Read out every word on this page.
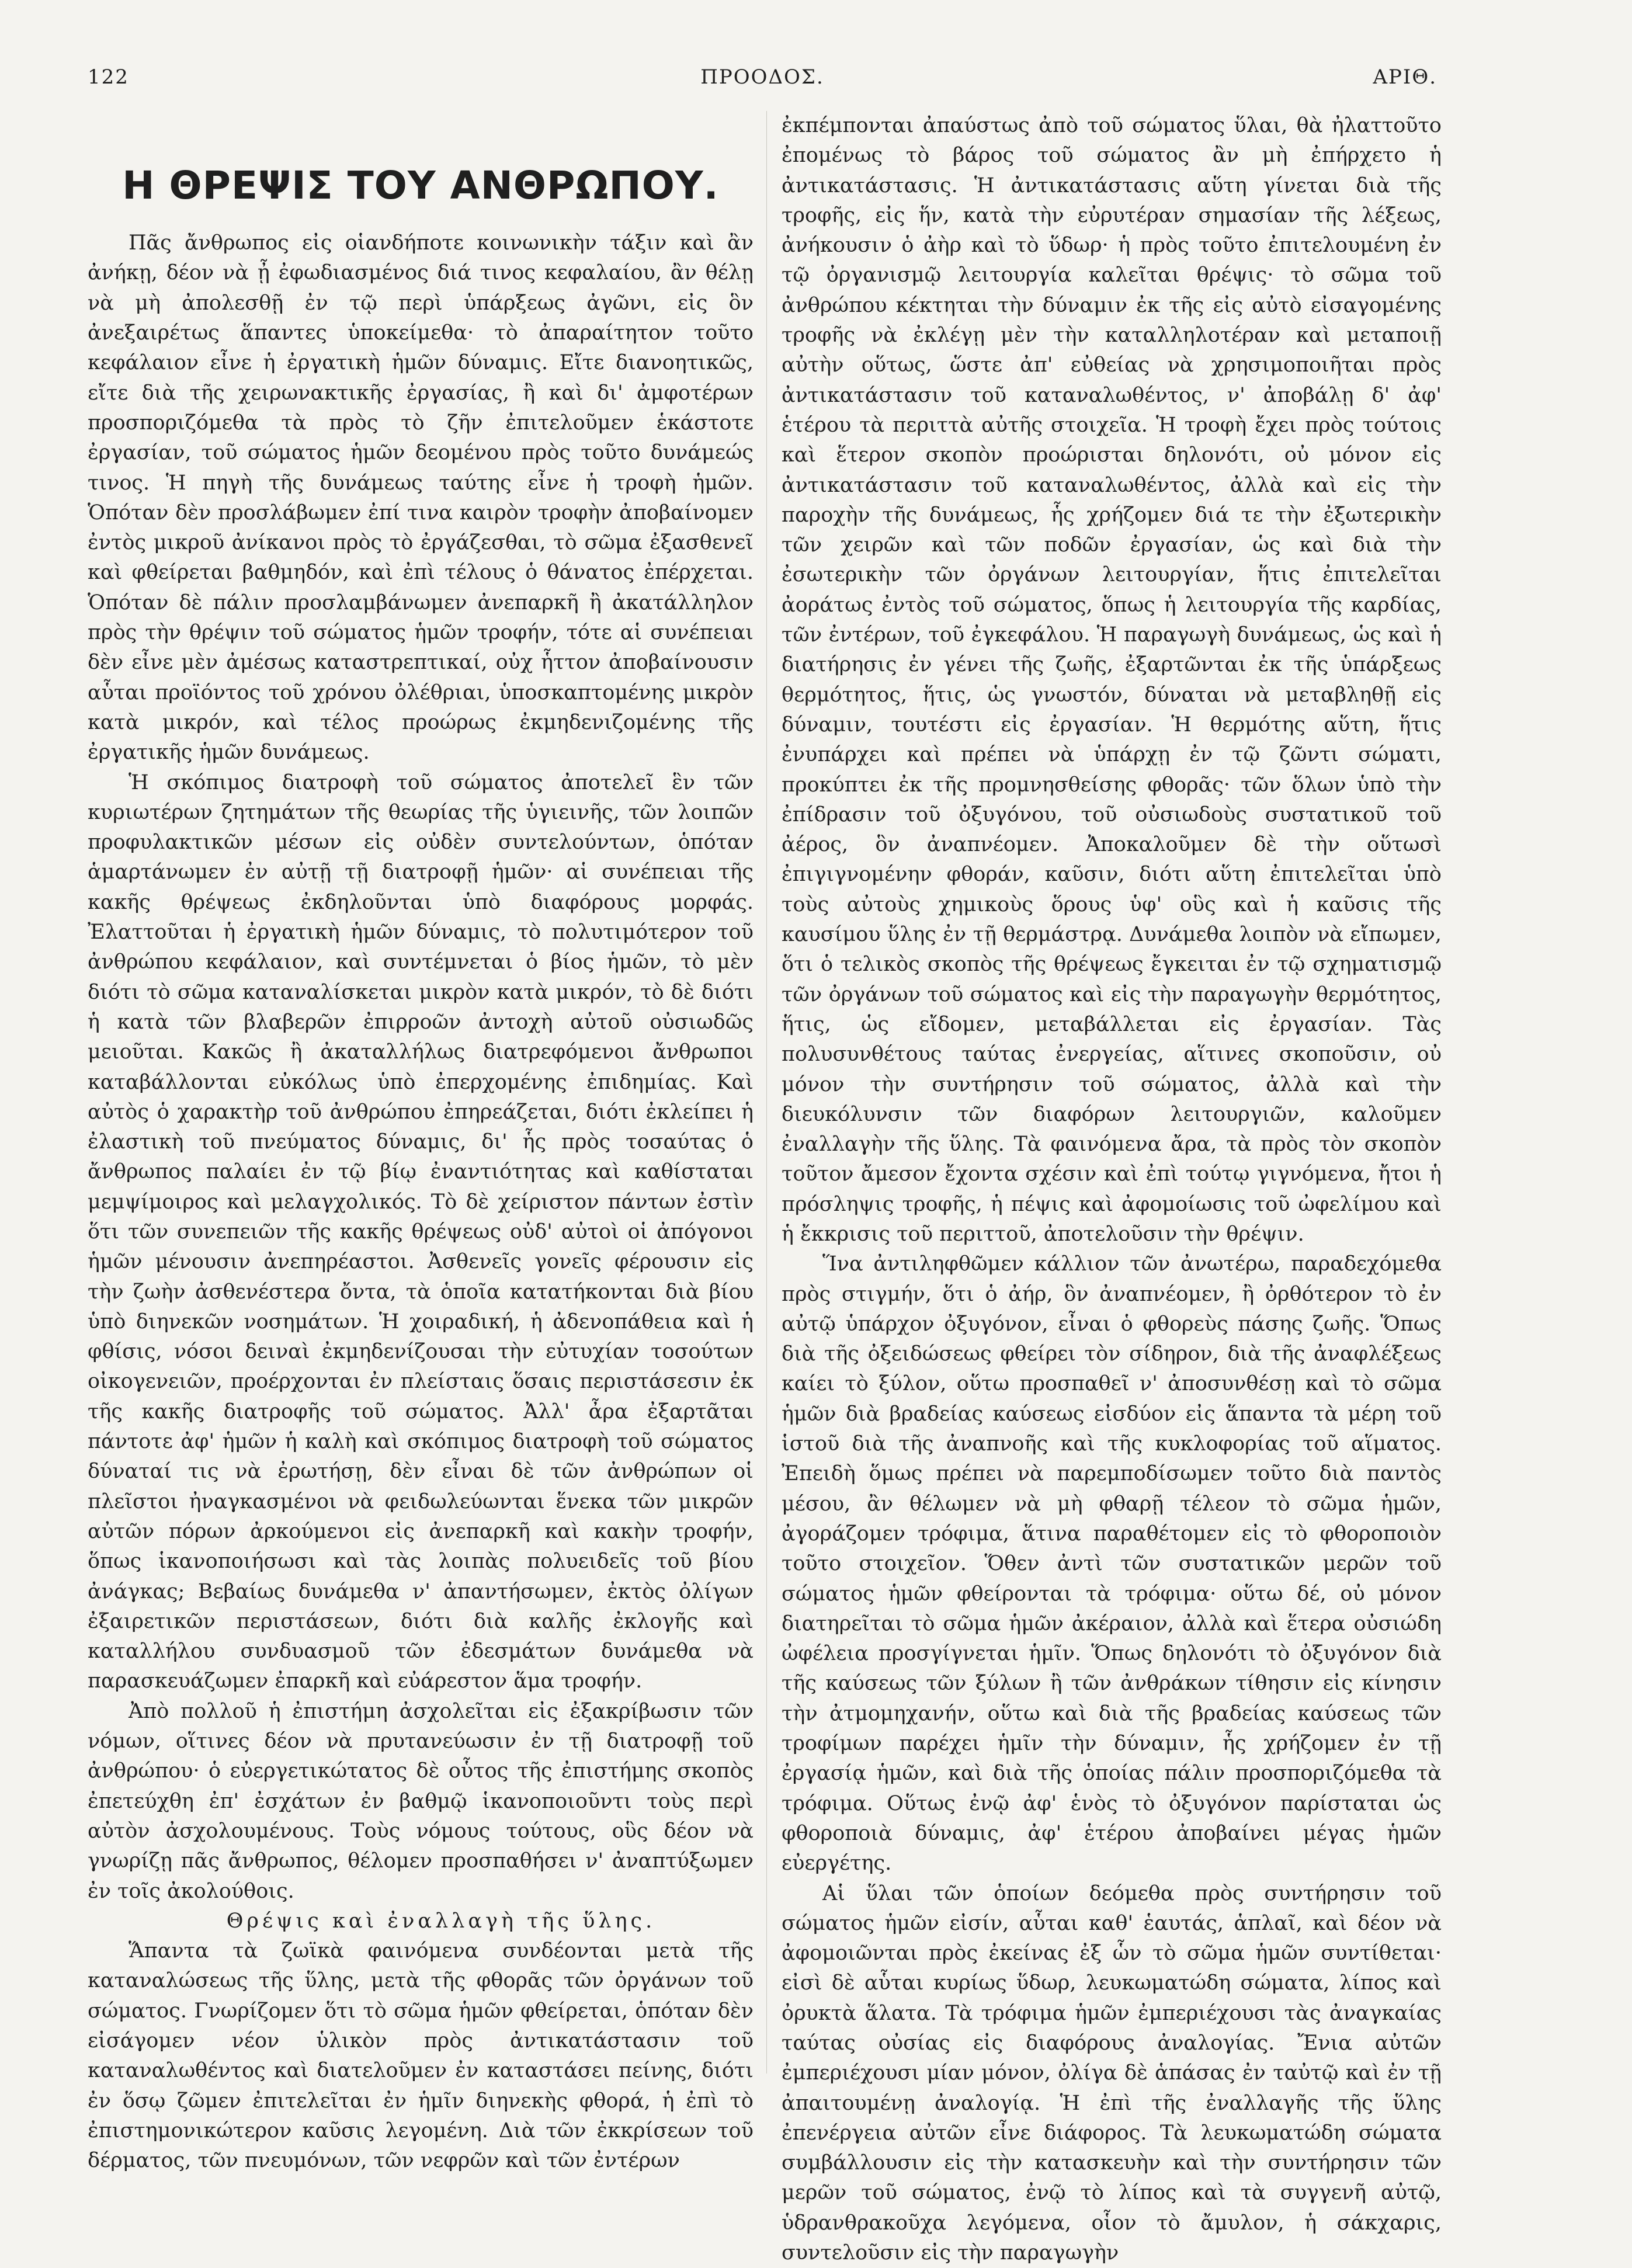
122	ΠΡΟΟΔΟΣ.	ΑΡΙΘ.
Η ΘΡΕΨΙΣ ΤΟΥ ΑΝΘΡΩΠΟΥ.

Πᾶς ἄνθρωπος εἰς οἱανδήποτε κοινωνικὴν τάξιν καὶ ἂν ἀνήκῃ, δέον νὰ ᾖ ἐφωδιασμένος διά τινος κεφαλαίου, ἂν θέλῃ νὰ μὴ ἀπολεσθῇ ἐν τῷ περὶ ὑπάρξεως ἀγῶνι, εἰς ὃν ἀνεξαιρέτως ἅπαντες ὑποκείμεθα· τὸ ἀπαραίτητον τοῦτο κεφάλαιον εἶνε ἡ ἐργατικὴ ἡμῶν δύναμις. Εἴτε διανοητικῶς, εἴτε διὰ τῆς χειρωνακτικῆς ἐργασίας, ἢ καὶ δι' ἀμφοτέρων προσποριζόμεθα τὰ πρὸς τὸ ζῆν ἐπιτελοῦμεν ἑκάστοτε ἐργασίαν, τοῦ σώματος ἡμῶν δεομένου πρὸς τοῦτο δυνάμεώς τινος. Ἡ πηγὴ τῆς δυνάμεως ταύτης εἶνε ἡ τροφὴ ἡμῶν. Ὁπόταν δὲν προσλάβωμεν ἐπί τινα καιρὸν τροφὴν ἀποβαίνομεν ἐντὸς μικροῦ ἀνίκανοι πρὸς τὸ ἐργάζεσθαι, τὸ σῶμα ἐξασθενεῖ καὶ φθείρεται βαθμηδόν, καὶ ἐπὶ τέλους ὁ θάνατος ἐπέρχεται. Ὁπόταν δὲ πάλιν προσλαμβάνωμεν ἀνεπαρκῆ ἢ ἀκατάλληλον πρὸς τὴν θρέψιν τοῦ σώματος ἡμῶν τροφήν, τότε αἱ συνέπειαι δὲν εἶνε μὲν ἀμέσως καταστρεπτικαί, οὐχ ἧττον ἀποβαίνουσιν αὗται προϊόντος τοῦ χρόνου ὀλέθριαι, ὑποσκαπτομένης μικρὸν κατὰ μικρόν, καὶ τέλος προώρως ἐκμηδενιζομένης τῆς ἐργατικῆς ἡμῶν δυνάμεως.

Ἡ σκόπιμος διατροφὴ τοῦ σώματος ἀποτελεῖ ἓν τῶν κυριωτέρων ζητημάτων τῆς θεωρίας τῆς ὑγιεινῆς, τῶν λοιπῶν προφυλακτικῶν μέσων εἰς οὐδὲν συντελούντων, ὁπόταν ἁμαρτάνωμεν ἐν αὐτῇ τῇ διατροφῇ ἡμῶν· αἱ συνέπειαι τῆς κακῆς θρέψεως ἐκδηλοῦνται ὑπὸ διαφόρους μορφάς. Ἐλαττοῦται ἡ ἐργατικὴ ἡμῶν δύναμις, τὸ πολυτιμότερον τοῦ ἀνθρώπου κεφάλαιον, καὶ συντέμνεται ὁ βίος ἡμῶν, τὸ μὲν διότι τὸ σῶμα καταναλίσκεται μικρὸν κατὰ μικρόν, τὸ δὲ διότι ἡ κατὰ τῶν βλαβερῶν ἐπιρροῶν ἀντοχὴ αὐτοῦ οὐσιωδῶς μειοῦται. Κακῶς ἢ ἀκαταλλήλως διατρεφόμενοι ἄνθρωποι καταβάλλονται εὐκόλως ὑπὸ ἐπερχομένης ἐπιδημίας. Καὶ αὐτὸς ὁ χαρακτὴρ τοῦ ἀνθρώπου ἐπηρεάζεται, διότι ἐκλείπει ἡ ἐλαστικὴ τοῦ πνεύματος δύναμις, δι' ἧς πρὸς τοσαύτας ὁ ἄνθρωπος παλαίει ἐν τῷ βίῳ ἐναντιότητας καὶ καθίσταται μεμψίμοιρος καὶ μελαγχολικός. Τὸ δὲ χείριστον πάντων ἐστὶν ὅτι τῶν συνεπειῶν τῆς κακῆς θρέψεως οὐδ' αὐτοὶ οἱ ἀπόγονοι ἡμῶν μένουσιν ἀνεπηρέαστοι. Ἀσθενεῖς γονεῖς φέρουσιν εἰς τὴν ζωὴν ἀσθενέστερα ὄντα, τὰ ὁποῖα κατατήκονται διὰ βίου ὑπὸ διηνεκῶν νοσημάτων. Ἡ χοιραδική, ἡ ἀδενοπάθεια καὶ ἡ φθίσις, νόσοι δειναὶ ἐκμηδενίζουσαι τὴν εὐτυχίαν τοσούτων οἰκογενειῶν, προέρχονται ἐν πλείσταις ὅσαις περιστάσεσιν ἐκ τῆς κακῆς διατροφῆς τοῦ σώματος. Ἀλλ' ἆρα ἐξαρτᾶται πάντοτε ἀφ' ἡμῶν ἡ καλὴ καὶ σκόπιμος διατροφὴ τοῦ σώματος δύναταί τις νὰ ἐρωτήσῃ, δὲν εἶναι δὲ τῶν ἀνθρώπων οἱ πλεῖστοι ἠναγκασμένοι νὰ φειδωλεύωνται ἕνεκα τῶν μικρῶν αὐτῶν πόρων ἀρκούμενοι εἰς ἀνεπαρκῆ καὶ κακὴν τροφήν, ὅπως ἱκανοποιήσωσι καὶ τὰς λοιπὰς πολυειδεῖς τοῦ βίου ἀνάγκας; Βεβαίως δυνάμεθα ν' ἀπαντήσωμεν, ἐκτὸς ὀλίγων ἐξαιρετικῶν περιστάσεων, διότι διὰ καλῆς ἐκλογῆς καὶ καταλλήλου συνδυασμοῦ τῶν ἐδεσμάτων δυνάμεθα νὰ παρασκευάζωμεν ἐπαρκῆ καὶ εὐάρεστον ἅμα τροφήν.

Ἀπὸ πολλοῦ ἡ ἐπιστήμη ἀσχολεῖται εἰς ἐξακρίβωσιν τῶν νόμων, οἵτινες δέον νὰ πρυτανεύωσιν ἐν τῇ διατροφῇ τοῦ ἀνθρώπου· ὁ εὐεργετικώτατος δὲ οὗτος τῆς ἐπιστήμης σκοπὸς ἐπετεύχθη ἐπ' ἐσχάτων ἐν βαθμῷ ἱκανοποιοῦντι τοὺς περὶ αὐτὸν ἀσχολουμένους. Τοὺς νόμους τούτους, οὓς δέον νὰ γνωρίζῃ πᾶς ἄνθρωπος, θέλομεν προσπαθήσει ν' ἀναπτύξωμεν ἐν τοῖς ἀκολούθοις.

Θρέψις καὶ ἐναλλαγὴ τῆς ὕλης.

Ἅπαντα τὰ ζωϊκὰ φαινόμενα συνδέονται μετὰ τῆς καταναλώσεως τῆς ὕλης, μετὰ τῆς φθορᾶς τῶν ὀργάνων τοῦ σώματος. Γνωρίζομεν ὅτι τὸ σῶμα ἡμῶν φθείρεται, ὁπόταν δὲν εἰσάγομεν νέον ὑλικὸν πρὸς ἀντικατάστασιν τοῦ καταναλωθέντος καὶ διατελοῦμεν ἐν καταστάσει πείνης, διότι ἐν ὅσῳ ζῶμεν ἐπιτελεῖται ἐν ἡμῖν διηνεκὴς φθορά, ἡ ἐπὶ τὸ ἐπιστημονικώτερον καῦσις λεγομένη. Διὰ τῶν ἐκκρίσεων τοῦ δέρματος, τῶν πνευμόνων, τῶν νεφρῶν καὶ τῶν ἐντέρων

ἐκπέμπονται ἀπαύστως ἀπὸ τοῦ σώματος ὕλαι, θὰ ἠλαττοῦτο ἐπομένως τὸ βάρος τοῦ σώματος ἂν μὴ ἐπήρχετο ἡ ἀντικατάστασις. Ἡ ἀντικατάστασις αὕτη γίνεται διὰ τῆς τροφῆς, εἰς ἥν, κατὰ τὴν εὐρυτέραν σημασίαν τῆς λέξεως, ἀνήκουσιν ὁ ἀὴρ καὶ τὸ ὕδωρ· ἡ πρὸς τοῦτο ἐπιτελουμένη ἐν τῷ ὀργανισμῷ λειτουργία καλεῖται θρέψις· τὸ σῶμα τοῦ ἀνθρώπου κέκτηται τὴν δύναμιν ἐκ τῆς εἰς αὐτὸ εἰσαγομένης τροφῆς νὰ ἐκλέγῃ μὲν τὴν καταλληλοτέραν καὶ μεταποιῇ αὐτὴν οὕτως, ὥστε ἀπ' εὐθείας νὰ χρησιμοποιῆται πρὸς ἀντικατάστασιν τοῦ καταναλωθέντος, ν' ἀποβάλῃ δ' ἀφ' ἑτέρου τὰ περιττὰ αὐτῆς στοιχεῖα. Ἡ τροφὴ ἔχει πρὸς τούτοις καὶ ἕτερον σκοπὸν προώρισται δηλονότι, οὐ μόνον εἰς ἀντικατάστασιν τοῦ καταναλωθέντος, ἀλλὰ καὶ εἰς τὴν παροχὴν τῆς δυνάμεως, ἧς χρήζομεν διά τε τὴν ἐξωτερικὴν τῶν χειρῶν καὶ τῶν ποδῶν ἐργασίαν, ὡς καὶ διὰ τὴν ἐσωτερικὴν τῶν ὀργάνων λειτουργίαν, ἥτις ἐπιτελεῖται ἀοράτως ἐντὸς τοῦ σώματος, ὅπως ἡ λειτουργία τῆς καρδίας, τῶν ἐντέρων, τοῦ ἐγκεφάλου. Ἡ παραγωγὴ δυνάμεως, ὡς καὶ ἡ διατήρησις ἐν γένει τῆς ζωῆς, ἐξαρτῶνται ἐκ τῆς ὑπάρξεως θερμότητος, ἥτις, ὡς γνωστόν, δύναται νὰ μεταβληθῇ εἰς δύναμιν, τουτέστι εἰς ἐργασίαν. Ἡ θερμότης αὕτη, ἥτις ἐνυπάρχει καὶ πρέπει νὰ ὑπάρχῃ ἐν τῷ ζῶντι σώματι, προκύπτει ἐκ τῆς προμνησθείσης φθορᾶς· τῶν ὅλων ὑπὸ τὴν ἐπίδρασιν τοῦ ὀξυγόνου, τοῦ οὐσιωδοὺς συστατικοῦ τοῦ ἀέρος, ὃν ἀναπνέομεν. Ἀποκαλοῦμεν δὲ τὴν οὕτωσὶ ἐπιγιγνομένην φθοράν, καῦσιν, διότι αὕτη ἐπιτελεῖται ὑπὸ τοὺς αὐτοὺς χημικοὺς ὅρους ὑφ' οὓς καὶ ἡ καῦσις τῆς καυσίμου ὕλης ἐν τῇ θερμάστρᾳ. Δυνάμεθα λοιπὸν νὰ εἴπωμεν, ὅτι ὁ τελικὸς σκοπὸς τῆς θρέψεως ἔγκειται ἐν τῷ σχηματισμῷ τῶν ὀργάνων τοῦ σώματος καὶ εἰς τὴν παραγωγὴν θερμότητος, ἥτις, ὡς εἴδομεν, μεταβάλλεται εἰς ἐργασίαν. Τὰς πολυσυνθέτους ταύτας ἐνεργείας, αἵτινες σκοποῦσιν, οὐ μόνον τὴν συντήρησιν τοῦ σώματος, ἀλλὰ καὶ τὴν διευκόλυνσιν τῶν διαφόρων λειτουργιῶν, καλοῦμεν ἐναλλαγὴν τῆς ὕλης. Τὰ φαινόμενα ἄρα, τὰ πρὸς τὸν σκοπὸν τοῦτον ἄμεσον ἔχοντα σχέσιν καὶ ἐπὶ τούτῳ γιγνόμενα, ἤτοι ἡ πρόσληψις τροφῆς, ἡ πέψις καὶ ἀφομοίωσις τοῦ ὠφελίμου καὶ ἡ ἔκκρισις τοῦ περιττοῦ, ἀποτελοῦσιν τὴν θρέψιν.

Ἵνα ἀντιληφθῶμεν κάλλιον τῶν ἀνωτέρω, παραδεχόμεθα πρὸς στιγμήν, ὅτι ὁ ἀήρ, ὃν ἀναπνέομεν, ἢ ὀρθότερον τὸ ἐν αὐτῷ ὑπάρχον ὀξυγόνον, εἶναι ὁ φθορεὺς πάσης ζωῆς. Ὅπως διὰ τῆς ὀξειδώσεως φθείρει τὸν σίδηρον, διὰ τῆς ἀναφλέξεως καίει τὸ ξύλον, οὕτω προσπαθεῖ ν' ἀποσυνθέσῃ καὶ τὸ σῶμα ἡμῶν διὰ βραδείας καύσεως εἰσδύον εἰς ἅπαντα τὰ μέρη τοῦ ἱστοῦ διὰ τῆς ἀναπνοῆς καὶ τῆς κυκλοφορίας τοῦ αἵματος. Ἐπειδὴ ὅμως πρέπει νὰ παρεμποδίσωμεν τοῦτο διὰ παντὸς μέσου, ἂν θέλωμεν νὰ μὴ φθαρῇ τέλεον τὸ σῶμα ἡμῶν, ἀγοράζομεν τρόφιμα, ἅτινα παραθέτομεν εἰς τὸ φθοροποιὸν τοῦτο στοιχεῖον. Ὅθεν ἀντὶ τῶν συστατικῶν μερῶν τοῦ σώματος ἡμῶν φθείρονται τὰ τρόφιμα· οὕτω δέ, οὐ μόνον διατηρεῖται τὸ σῶμα ἡμῶν ἀκέραιον, ἀλλὰ καὶ ἕτερα οὐσιώδη ὠφέλεια προσγίγνεται ἡμῖν. Ὅπως δηλονότι τὸ ὀξυγόνον διὰ τῆς καύσεως τῶν ξύλων ἢ τῶν ἀνθράκων τίθησιν εἰς κίνησιν τὴν ἀτμομηχανήν, οὕτω καὶ διὰ τῆς βραδείας καύσεως τῶν τροφίμων παρέχει ἡμῖν τὴν δύναμιν, ἧς χρήζομεν ἐν τῇ ἐργασίᾳ ἡμῶν, καὶ διὰ τῆς ὁποίας πάλιν προσποριζόμεθα τὰ τρόφιμα. Οὕτως ἐνῷ ἀφ' ἑνὸς τὸ ὀξυγόνον παρίσταται ὡς φθοροποιὰ δύναμις, ἀφ' ἑτέρου ἀποβαίνει μέγας ἡμῶν εὐεργέτης.

Αἱ ὕλαι τῶν ὁποίων δεόμεθα πρὸς συντήρησιν τοῦ σώματος ἡμῶν εἰσίν, αὗται καθ' ἑαυτάς, ἁπλαῖ, καὶ δέον νὰ ἀφομοιῶνται πρὸς ἐκείνας ἐξ ὧν τὸ σῶμα ἡμῶν συντίθεται· εἰσὶ δὲ αὗται κυρίως ὕδωρ, λευκωματώδη σώματα, λίπος καὶ ὀρυκτὰ ἅλατα. Τὰ τρόφιμα ἡμῶν ἐμπεριέχουσι τὰς ἀναγκαίας ταύτας οὐσίας εἰς διαφόρους ἀναλογίας. Ἔνια αὐτῶν ἐμπεριέχουσι μίαν μόνον, ὀλίγα δὲ ἁπάσας ἐν ταὐτῷ καὶ ἐν τῇ ἀπαιτουμένῃ ἀναλογίᾳ. Ἡ ἐπὶ τῆς ἐναλλαγῆς τῆς ὕλης ἐπενέργεια αὐτῶν εἶνε διάφορος. Τὰ λευκωματώδη σώματα συμβάλλουσιν εἰς τὴν κατασκευὴν καὶ τὴν συντήρησιν τῶν μερῶν τοῦ σώματος, ἐνῷ τὸ λίπος καὶ τὰ συγγενῆ αὐτῷ, ὑδρανθρακοῦχα λεγόμενα, οἷον τὸ ἄμυλον, ἡ σάκχαρις, συντελοῦσιν εἰς τὴν παραγωγὴν
